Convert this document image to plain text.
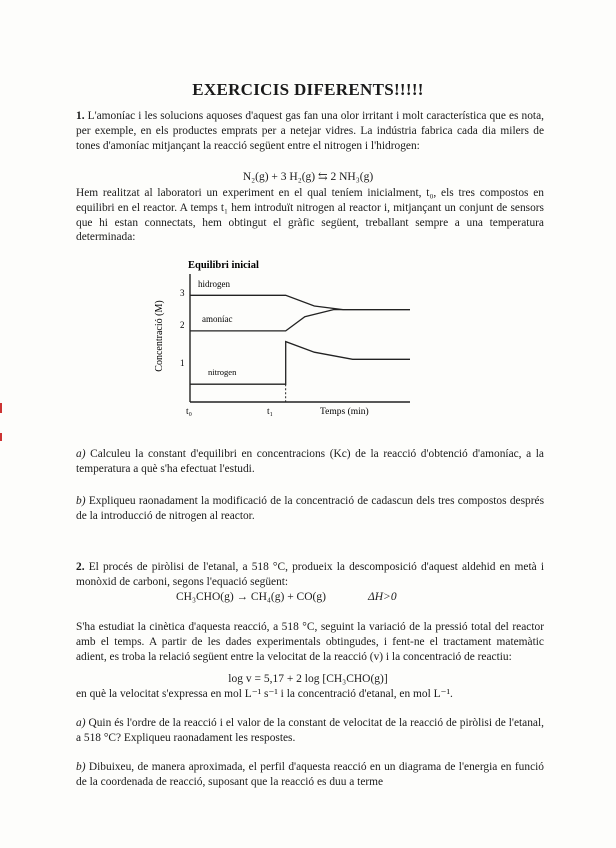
EXERCICIS DIFERENTS!!!!!
1. L'amoníac i les solucions aquoses d'aquest gas fan una olor irritant i molt característica que es nota, per exemple, en els productes emprats per a netejar vidres. La indústria fabrica cada dia milers de tones d'amoníac mitjançant la reacció següent entre el nitrogen i l'hidrogen:
N₂(g) + 3 H₂(g) ⇆ 2 NH₃(g)
Hem realitzat al laboratori un experiment en el qual teníem inicialment, t₀, els tres compostos en equilibri en el reactor. A temps t₁ hem introduït nitrogen al reactor i, mitjançant un conjunt de sensors que hi estan connectats, hem obtingut el gràfic següent, treballant sempre a una temperatura determinada:
Equilibri inicial
Concentració (M)
Temps (min)
t₀	t₁
1
2
3
hidrogen
amoníac
nitrogen
a) Calculeu la constant d'equilibri en concentracions (Kc) de la reacció d'obtenció d'amoníac, a la temperatura a què s'ha efectuat l'estudi.
b) Expliqueu raonadament la modificació de la concentració de cadascun dels tres compostos després de la introducció de nitrogen al reactor.
2. El procés de piròlisi de l'etanal, a 518 °C, produeix la descomposició d'aquest aldehid en metà i monòxid de carboni, segons l'equació següent:
CH₃CHO(g) → CH₄(g) + CO(g)	ΔH>0
S'ha estudiat la cinètica d'aquesta reacció, a 518 °C, seguint la variació de la pressió total del reactor amb el temps. A partir de les dades experimentals obtingudes, i fent-ne el tractament matemàtic adient, es troba la relació següent entre la velocitat de la reacció (v) i la concentració de reactiu:
log v = 5,17 + 2 log [CH₃CHO(g)]
en què la velocitat s'expressa en mol L⁻¹ s⁻¹ i la concentració d'etanal, en mol L⁻¹.
a) Quin és l'ordre de la reacció i el valor de la constant de velocitat de la reacció de piròlisi de l'etanal, a 518 °C? Expliqueu raonadament les respostes.
b) Dibuixeu, de manera aproximada, el perfil d'aquesta reacció en un diagrama de l'energia en funció de la coordenada de reacció, suposant que la reacció es duu a terme
